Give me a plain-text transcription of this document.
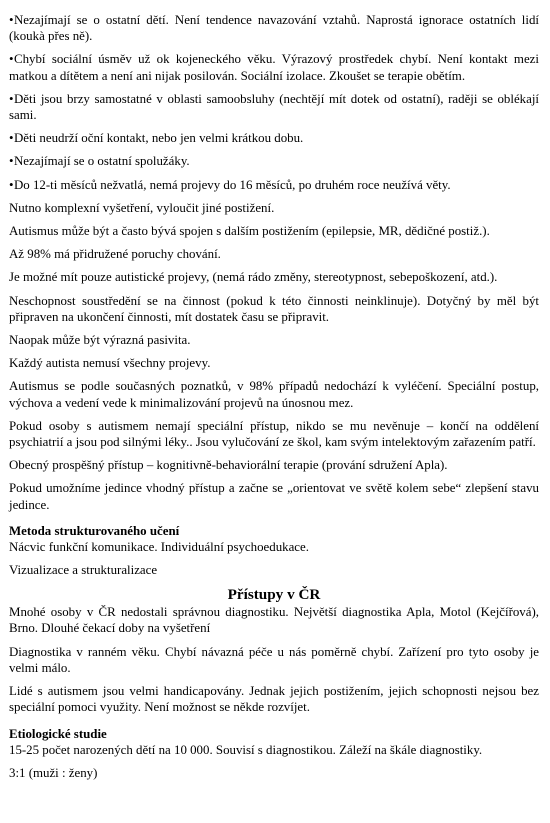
•Nezajímají se o ostatní dětí. Není tendence navazování vztahů. Naprostá ignorace ostatních lidí (koukà přes ně).

•Chybí sociální úsměv už ok kojeneckého věku. Výrazový prostředek chybí. Není kontakt mezi matkou a dítětem a není ani nijak posilován. Sociální izolace. Zkoušet se terapie obětím.

•Děti jsou brzy samostatné v oblasti samoobsluhy (nechtějí mít dotek od ostatní), raději se oblékají sami.

•Děti neudrží oční kontakt, nebo jen velmi krátkou dobu.

•Nezajímají se o ostatní spolužáky.

•Do 12-ti měsíců nežvatlá, nemá projevy do 16 měsíců, po druhém roce neužívá věty.

Nutno komplexní vyšetření, vyloučit jiné postižení.

Autismus může být a často bývá spojen s dalším postižením (epilepsie, MR, dědičné postiž.).

Až 98% má přidružené poruchy chování.

Je možné mít pouze autistické projevy, (nemá rádo změny, stereotypnost, sebepoškození, atd.).

Neschopnost soustředění se na činnost (pokud k této činnosti neinklinuje). Dotyčný by měl být připraven na ukončení činnosti, mít dostatek času se připravit.

Naopak může být výrazná pasivita.

Každý autista nemusí všechny projevy.

Autismus se podle současných poznatků, v 98% případů nedochází k vyléčení. Speciální postup, výchova a vedení vede k minimalizování projevů na únosnou mez.

Pokud osoby s autismem nemají speciální přístup, nikdo se mu nevěnuje – končí na oddělení psychiatrií a jsou pod silnými léky.. Jsou vylučování ze škol, kam svým intelektovým zařazením patří.

Obecný prospěšný přístup – kognitivně-behaviorální terapie (prování sdružení Apla).

Pokud umožníme jedince vhodný přístup a začne se „orientovat ve světě kolem sebe“ zlepšení stavu jedince.

Metoda strukturovaného učení

Nácvic funkční komunikace. Individuální psychoedukace.

Vizualizace a strukturalizace

Přístupy v ČR

Mnohé osoby v ČR nedostali správnou diagnostiku. Největší diagnostika Apla, Motol (Kejčířová), Brno. Dlouhé čekací doby na vyšetření

Diagnostika v ranném věku. Chybí návazná péče u nás poměrně chybí. Zařízení pro tyto osoby je velmi málo.

Lidé s autismem jsou velmi handicapovány. Jednak jejich postižením, jejich schopnosti nejsou bez speciální pomoci využity. Není možnost se někde rozvíjet.

Etiologické studie

15-25 počet narozených dětí na 10 000. Souvisí s diagnostikou. Záleží na škále diagnostiky.

3:1 (muži : ženy)
